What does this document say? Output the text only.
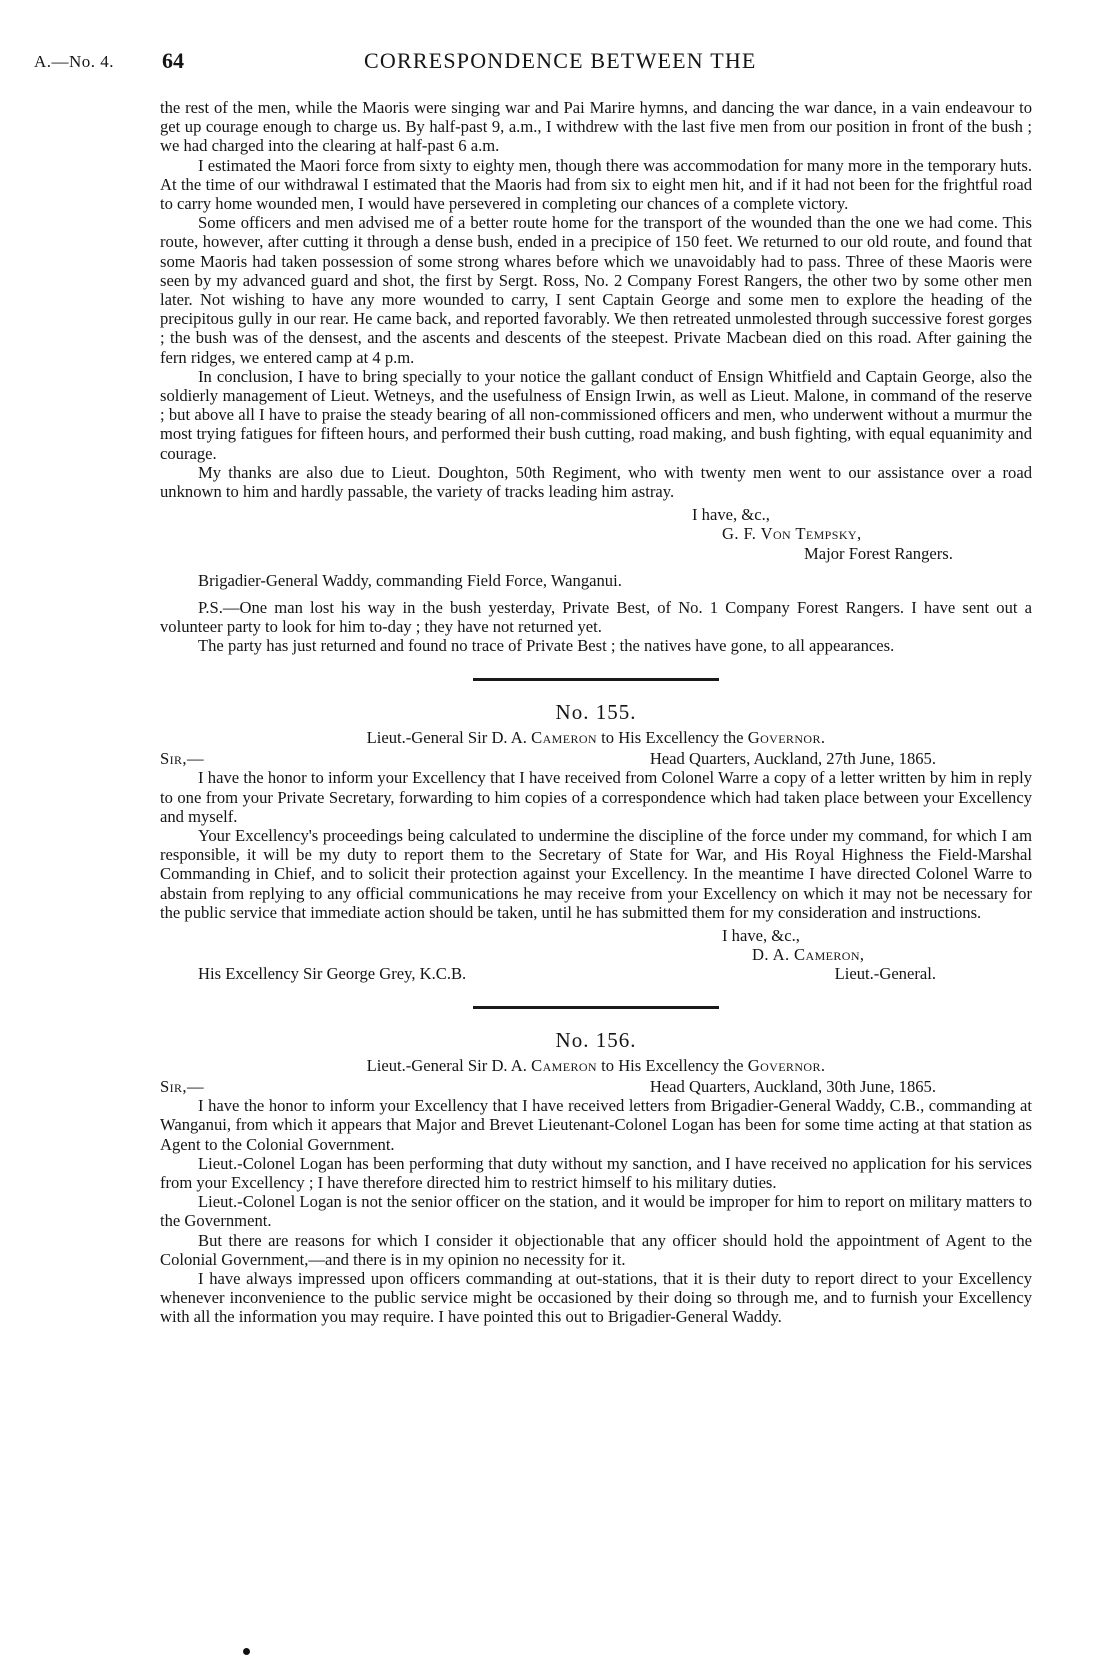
A.—No. 4. 64	CORRESPONDENCE BETWEEN THE

the rest of the men, while the Maoris were singing war and Pai Marire hymns, and dancing the war dance, in a vain endeavour to get up courage enough to charge us. By half-past 9, a.m., I withdrew with the last five men from our position in front of the bush ; we had charged into the clearing at half-past 6 a.m.

I estimated the Maori force from sixty to eighty men, though there was accommodation for many more in the temporary huts. At the time of our withdrawal I estimated that the Maoris had from six to eight men hit, and if it had not been for the frightful road to carry home wounded men, I would have persevered in completing our chances of a complete victory.

Some officers and men advised me of a better route home for the transport of the wounded than the one we had come. This route, however, after cutting it through a dense bush, ended in a precipice of 150 feet. We returned to our old route, and found that some Maoris had taken possession of some strong whares before which we unavoidably had to pass. Three of these Maoris were seen by my advanced guard and shot, the first by Sergt. Ross, No. 2 Company Forest Rangers, the other two by some other men later. Not wishing to have any more wounded to carry, I sent Captain George and some men to explore the heading of the precipitous gully in our rear. He came back, and reported favorably. We then retreated unmolested through successive forest gorges ; the bush was of the densest, and the ascents and descents of the steepest. Private Macbean died on this road. After gaining the fern ridges, we entered camp at 4 p.m.

In conclusion, I have to bring specially to your notice the gallant conduct of Ensign Whitfield and Captain George, also the soldierly management of Lieut. Wetneys, and the usefulness of Ensign Irwin, as well as Lieut. Malone, in command of the reserve ; but above all I have to praise the steady bearing of all non-commissioned officers and men, who underwent without a murmur the most trying fatigues for fifteen hours, and performed their bush cutting, road making, and bush fighting, with equal equanimity and courage.

My thanks are also due to Lieut. Doughton, 50th Regiment, who with twenty men went to our assistance over a road unknown to him and hardly passable, the variety of tracks leading him astray.

I have, &c.,

G. F. Von Tempsky,

Major Forest Rangers.

Brigadier-General Waddy, commanding Field Force, Wanganui.

P.S.—One man lost his way in the bush yesterday, Private Best, of No. 1 Company Forest Rangers. I have sent out a volunteer party to look for him to-day ; they have not returned yet.

The party has just returned and found no trace of Private Best ; the natives have gone, to all appearances.

No. 155.
Lieut.-General Sir D. A. Cameron to His Excellency the Governor.
Sir,—	Head Quarters, Auckland, 27th June, 1865.

I have the honor to inform your Excellency that I have received from Colonel Warre a copy of a letter written by him in reply to one from your Private Secretary, forwarding to him copies of a correspondence which had taken place between your Excellency and myself.

Your Excellency's proceedings being calculated to undermine the discipline of the force under my command, for which I am responsible, it will be my duty to report them to the Secretary of State for War, and His Royal Highness the Field-Marshal Commanding in Chief, and to solicit their protection against your Excellency. In the meantime I have directed Colonel Warre to abstain from replying to any official communications he may receive from your Excellency on which it may not be necessary for the public service that immediate action should be taken, until he has submitted them for my consideration and instructions.

I have, &c.,

D. A. Cameron,

His Excellency Sir George Grey, K.C.B.	Lieut.-General.
No. 156.
Lieut.-General Sir D. A. Cameron to His Excellency the Governor.
Sir,—	Head Quarters, Auckland, 30th June, 1865.

I have the honor to inform your Excellency that I have received letters from Brigadier-General Waddy, C.B., commanding at Wanganui, from which it appears that Major and Brevet Lieutenant-Colonel Logan has been for some time acting at that station as Agent to the Colonial Government.

Lieut.-Colonel Logan has been performing that duty without my sanction, and I have received no application for his services from your Excellency ; I have therefore directed him to restrict himself to his military duties.

Lieut.-Colonel Logan is not the senior officer on the station, and it would be improper for him to report on military matters to the Government.

But there are reasons for which I consider it objectionable that any officer should hold the appointment of Agent to the Colonial Government,—and there is in my opinion no necessity for it.

I have always impressed upon officers commanding at out-stations, that it is their duty to report direct to your Excellency whenever inconvenience to the public service might be occasioned by their doing so through me, and to furnish your Excellency with all the information you may require. I have pointed this out to Brigadier-General Waddy.
